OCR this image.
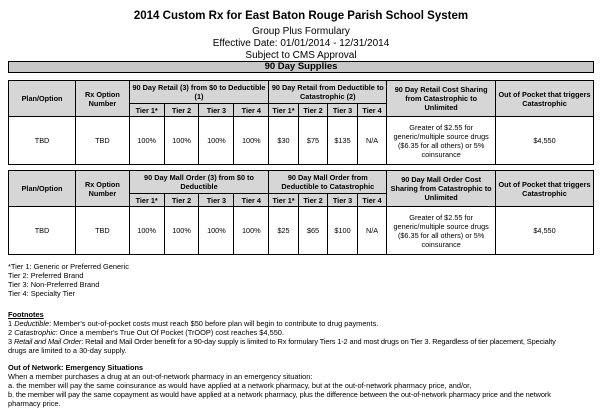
2014 Custom Rx for East Baton Rouge Parish School System
Group Plus Formulary
Effective Date: 01/01/2014 - 12/31/2014
Subject to CMS Approval
90 Day Supplies
Plan/Option	Rx Option Number	90 Day Retail (3) from $0 to Deductible (1)				90 Day Retail from Deductible to Catastrophic (2)				90 Day Retail Cost Sharing from Catastrophic to Unlimited	Out of Pocket that triggers Catastrophic
		Tier 1*	Tier 2	Tier 3	Tier 4	Tier 1*	Tier 2	Tier 3	Tier 4		
TBD	TBD	100%	100%	100%	100%	$30	$75	$135	N/A	Greater of $2.55 for generic/multiple source drugs ($6.35 for all others) or 5% coinsurance	$4,550
Plan/Option	Rx Option Number	90 Day Mall Order (3) from $0 to Deductible				90 Day Mall Order from Deductible to Catastrophic				90 Day Mall Order Cost Sharing from Catastrophic to Unlimited	Out of Pocket that triggers Catastrophic
		Tier 1*	Tier 2	Tier 3	Tier 4	Tier 1*	Tier 2	Tier 3	Tier 4		
TBD	TBD	100%	100%	100%	100%	$25	$65	$100	N/A	Greater of $2.55 for generic/multiple source drugs ($6.35 for all others) or 5% coinsurance	$4,550
*Tier 1: Generic or Preferred Generic
Tier 2: Preferred Brand
Tier 3: Non-Preferred Brand
Tier 4: Specialty Tier
Footnotes
1 Deductible: Member's out-of-pocket costs must reach $50 before plan will begin to contribute to drug payments.
2 Catastrophic: Once a member's True Out Of Pocket (TrOOP) cost reaches $4,550.
3 Retail and Mail Order: Retail and Mail Order benefit for a 90-day supply is limited to Rx formulary Tiers 1-2 and most drugs on Tier 3. Regardless of tier placement, Specialty
drugs are limited to a 30-day supply.
Out of Network: Emergency Situations
When a member purchases a drug at an out-of-network pharmacy in an emergency situation:
a. the member will pay the same coinsurance as would have applied at a network pharmacy, but at the out-of-network pharmacy price, and/or,
b. the member will pay the same copayment as would have applied at a network pharmacy, plus the difference between the out-of-network pharmacy price and the network
pharmacy price.
